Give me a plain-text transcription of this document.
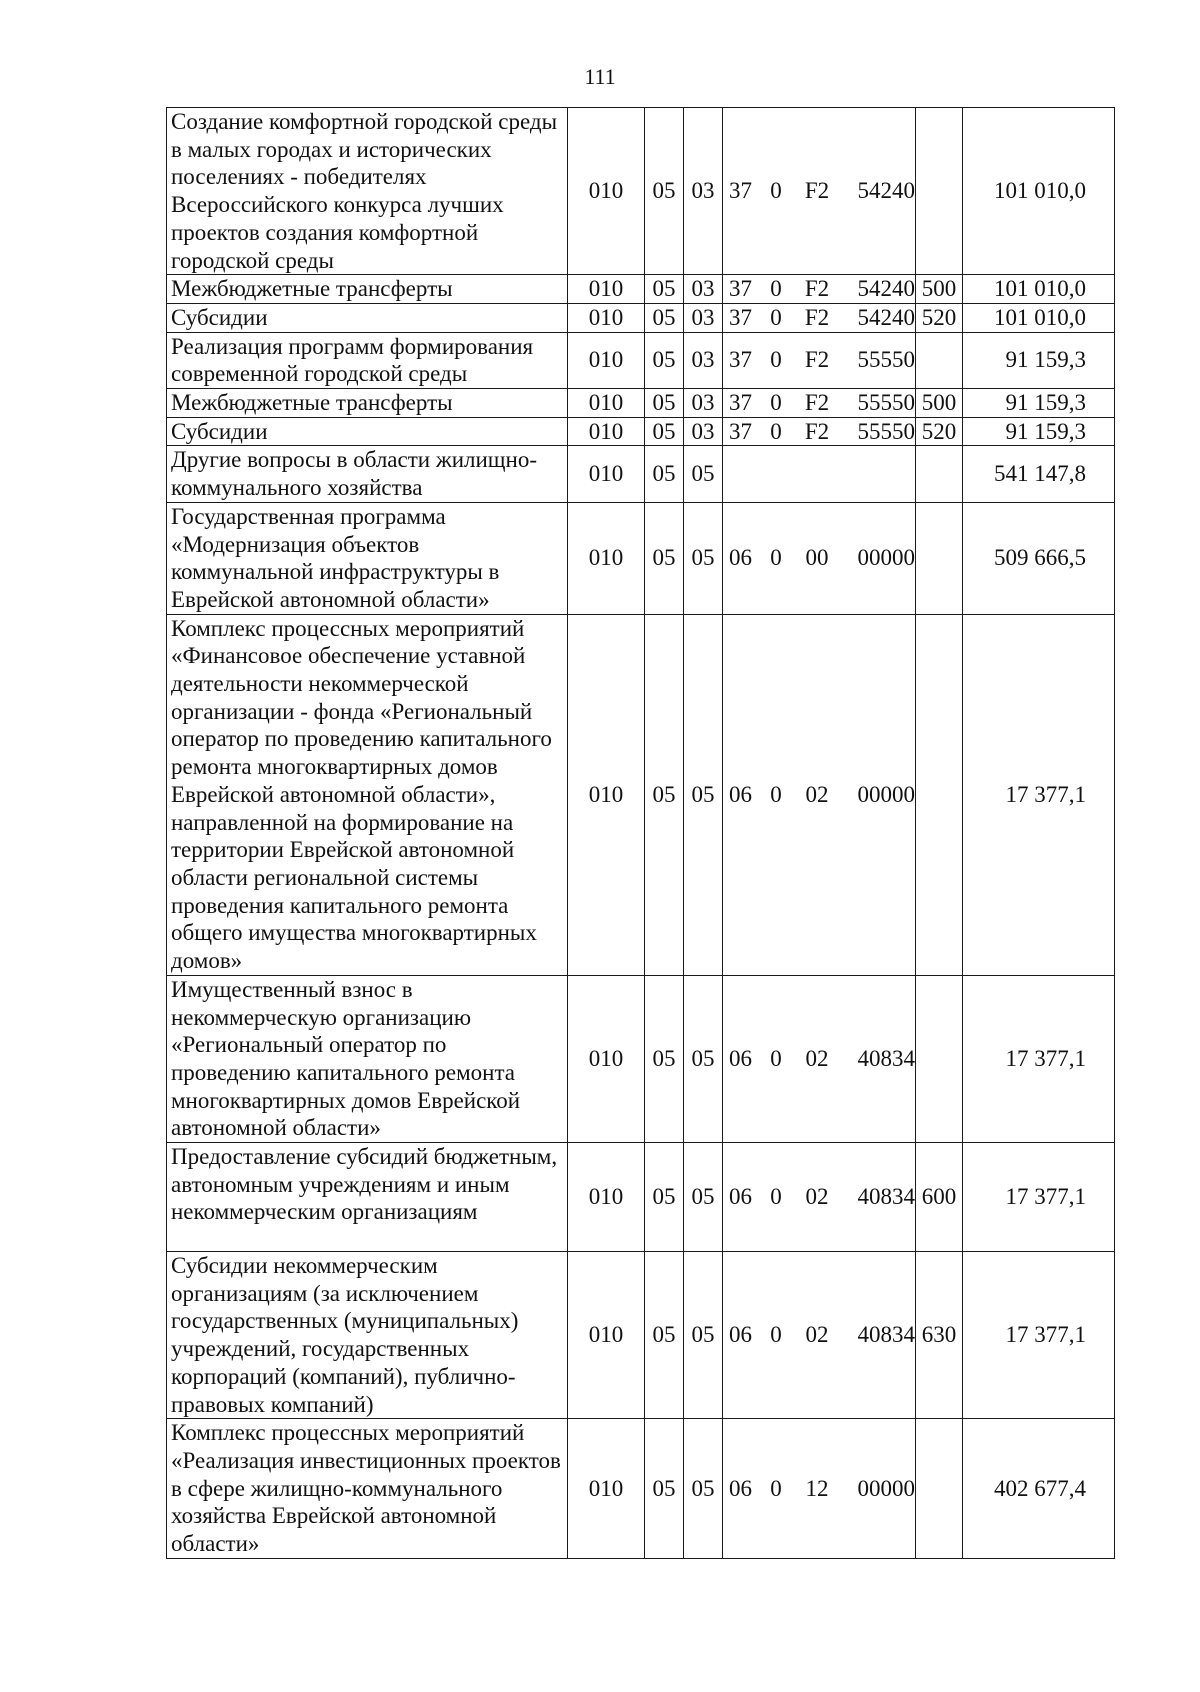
111
Создание комфортной городской среды в малых городах и исторических поселениях - победителях Всероссийского конкурса лучших проектов создания комфортной городской среды	010	05	03	37 0 F2 54240		101 010,0
Межбюджетные трансферты	010	05	03	37 0 F2 54240	500	101 010,0
Субсидии	010	05	03	37 0 F2 54240	520	101 010,0
Реализация программ формирования современной городской среды	010	05	03	37 0 F2 55550		91 159,3
Межбюджетные трансферты	010	05	03	37 0 F2 55550	500	91 159,3
Субсидии	010	05	03	37 0 F2 55550	520	91 159,3
Другие вопросы в области жилищно-коммунального хозяйства	010	05	05			541 147,8
Государственная программа «Модернизация объектов коммунальной инфраструктуры в Еврейской автономной области»	010	05	05	06 0 00 00000		509 666,5
Комплекс процессных мероприятий «Финансовое обеспечение уставной деятельности некоммерческой организации - фонда «Региональный оператор по проведению капитального ремонта многоквартирных домов Еврейской автономной области», направленной на формирование на территории Еврейской автономной области региональной системы проведения капитального ремонта общего имущества многоквартирных домов»	010	05	05	06 0 02 00000		17 377,1
Имущественный взнос в некоммерческую организацию «Региональный оператор по проведению капитального ремонта многоквартирных домов Еврейской автономной области»	010	05	05	06 0 02 40834		17 377,1
Предоставление субсидий бюджетным, автономным учреждениям и иным некоммерческим организациям	010	05	05	06 0 02 40834	600	17 377,1
Субсидии некоммерческим организациям (за исключением государственных (муниципальных) учреждений, государственных корпораций (компаний), публично-правовых компаний)	010	05	05	06 0 02 40834	630	17 377,1
Комплекс процессных мероприятий «Реализация инвестиционных проектов в сфере жилищно-коммунального хозяйства Еврейской автономной области»	010	05	05	06 0 12 00000		402 677,4
